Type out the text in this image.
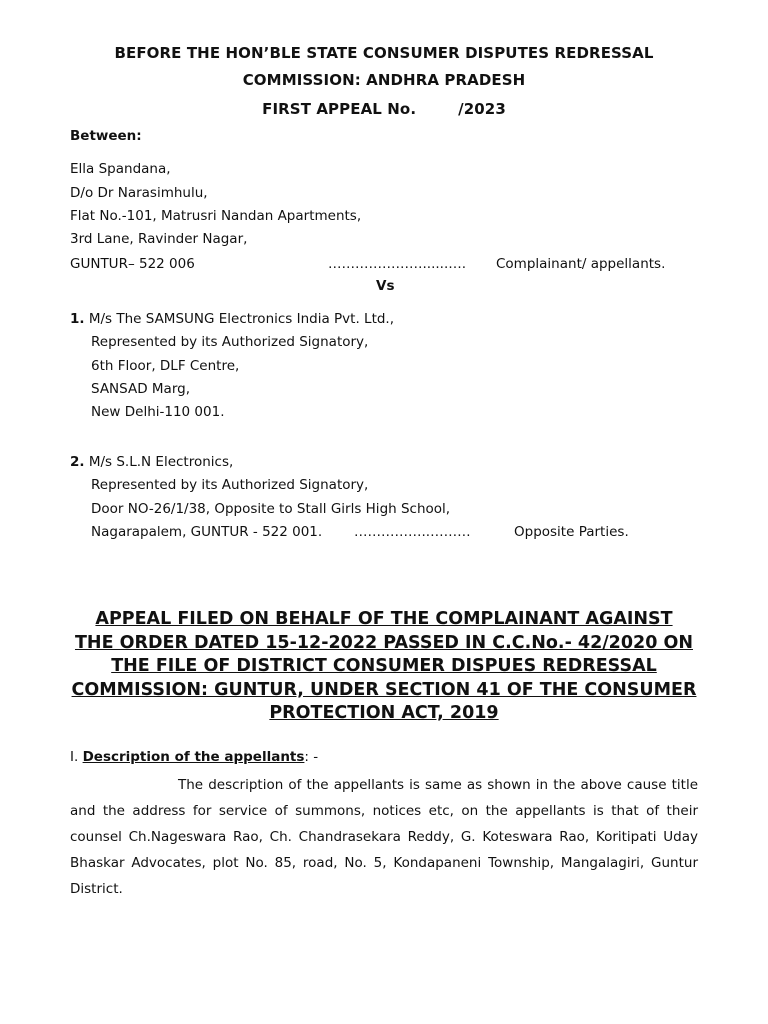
BEFORE THE HON’BLE STATE CONSUMER DISPUTES REDRESSAL
COMMISSION: ANDHRA PRADESH
FIRST APPEAL No.	/2023
Between:
Ella Spandana,
D/o Dr Narasimhulu,
Flat No.-101, Matrusri Nandan Apartments,
3rd Lane, Ravinder Nagar,
GUNTUR– 522 006	…………………......…. Complainant/ appellants.
Vs
1. M/s The SAMSUNG Electronics India Pvt. Ltd.,
Represented by its Authorized Signatory,
6th Floor, DLF Centre,
SANSAD Marg,
New Delhi-110 001.
2. M/s S.L.N Electronics,
Represented by its Authorized Signatory,
Door NO-26/1/38, Opposite to Stall Girls High School,
Nagarapalem, GUNTUR - 522 001. ……………..………	Opposite Parties.
APPEAL FILED ON BEHALF OF THE COMPLAINANT AGAINST
THE ORDER DATED 15-12-2022 PASSED IN C.C.No.- 42/2020 ON
THE FILE OF DISTRICT CONSUMER DISPUES REDRESSAL
COMMISSION: GUNTUR, UNDER SECTION 41 OF THE CONSUMER
PROTECTION ACT, 2019
I. Description of the appellants: -
The description of the appellants is same as shown in the above cause title and the address for service of summons, notices etc, on the appellants is that of their counsel Ch.Nageswara Rao, Ch. Chandrasekara Reddy, G. Koteswara Rao, Koritipati Uday Bhaskar Advocates, plot No. 85, road, No. 5, Kondapaneni Township, Mangalagiri, Guntur District.
